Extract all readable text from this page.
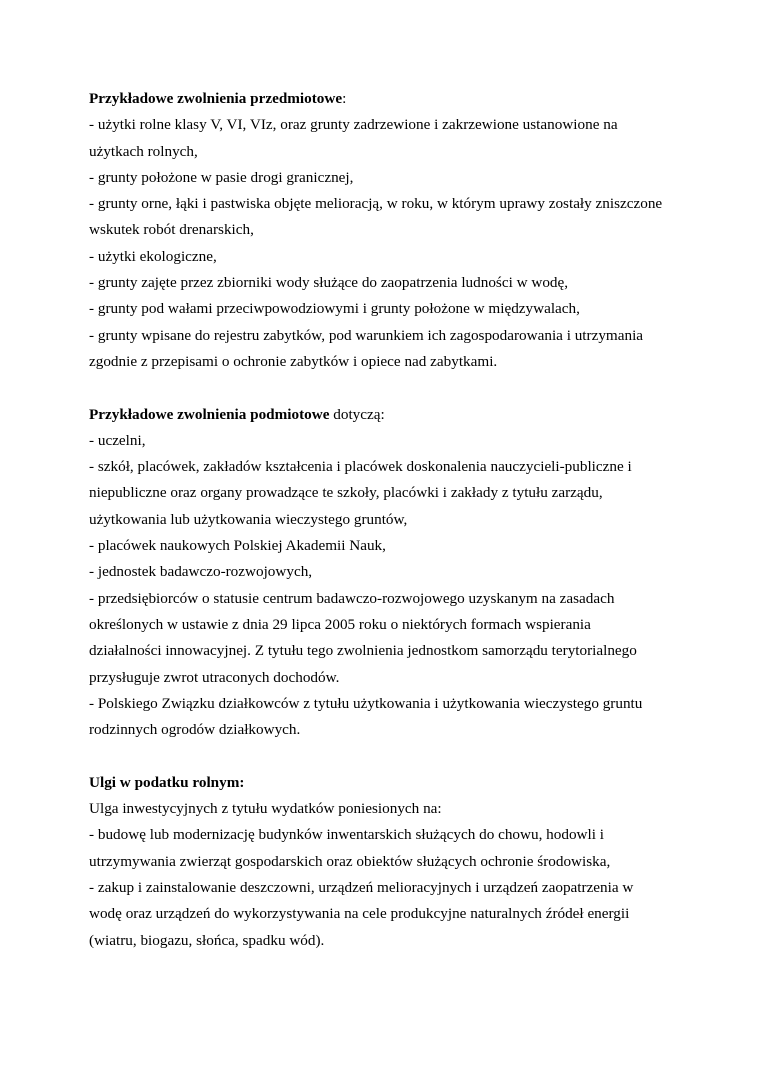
Przykładowe zwolnienia przedmiotowe:

- użytki rolne klasy V, VI, VIz, oraz grunty zadrzewione i zakrzewione ustanowione na

użytkach rolnych,

- grunty położone w pasie drogi granicznej,

- grunty orne, łąki i pastwiska objęte melioracją, w roku, w którym uprawy zostały zniszczone

wskutek robót drenarskich,

- użytki ekologiczne,

- grunty zajęte przez zbiorniki wody służące do zaopatrzenia ludności w wodę,

- grunty pod wałami przeciwpowodziowymi i grunty położone w międzywalach,

- grunty wpisane do rejestru zabytków, pod warunkiem ich zagospodarowania i utrzymania

zgodnie z przepisami o ochronie zabytków i opiece nad zabytkami.

Przykładowe zwolnienia podmiotowe dotyczą:

- uczelni,

- szkół, placówek, zakładów kształcenia i placówek doskonalenia nauczycieli-publiczne i

niepubliczne oraz organy prowadzące te szkoły, placówki i zakłady z tytułu zarządu,

użytkowania lub użytkowania wieczystego gruntów,

- placówek naukowych Polskiej Akademii Nauk,

- jednostek badawczo-rozwojowych,

- przedsiębiorców o statusie centrum badawczo-rozwojowego uzyskanym na zasadach

określonych w ustawie z dnia 29 lipca 2005 roku o niektórych formach wspierania

działalności innowacyjnej. Z tytułu tego zwolnienia jednostkom samorządu terytorialnego

przysługuje zwrot utraconych dochodów.

- Polskiego Związku działkowców z tytułu użytkowania i użytkowania wieczystego gruntu

rodzinnych ogrodów działkowych.

Ulgi w podatku rolnym:

Ulga inwestycyjnych z tytułu wydatków poniesionych na:

- budowę lub modernizację budynków inwentarskich służących do chowu, hodowli i

utrzymywania zwierząt gospodarskich oraz obiektów służących ochronie środowiska,

- zakup i zainstalowanie deszczowni, urządzeń melioracyjnych i urządzeń zaopatrzenia w

wodę oraz urządzeń do wykorzystywania na cele produkcyjne naturalnych źródeł energii

(wiatru, biogazu, słońca, spadku wód).
